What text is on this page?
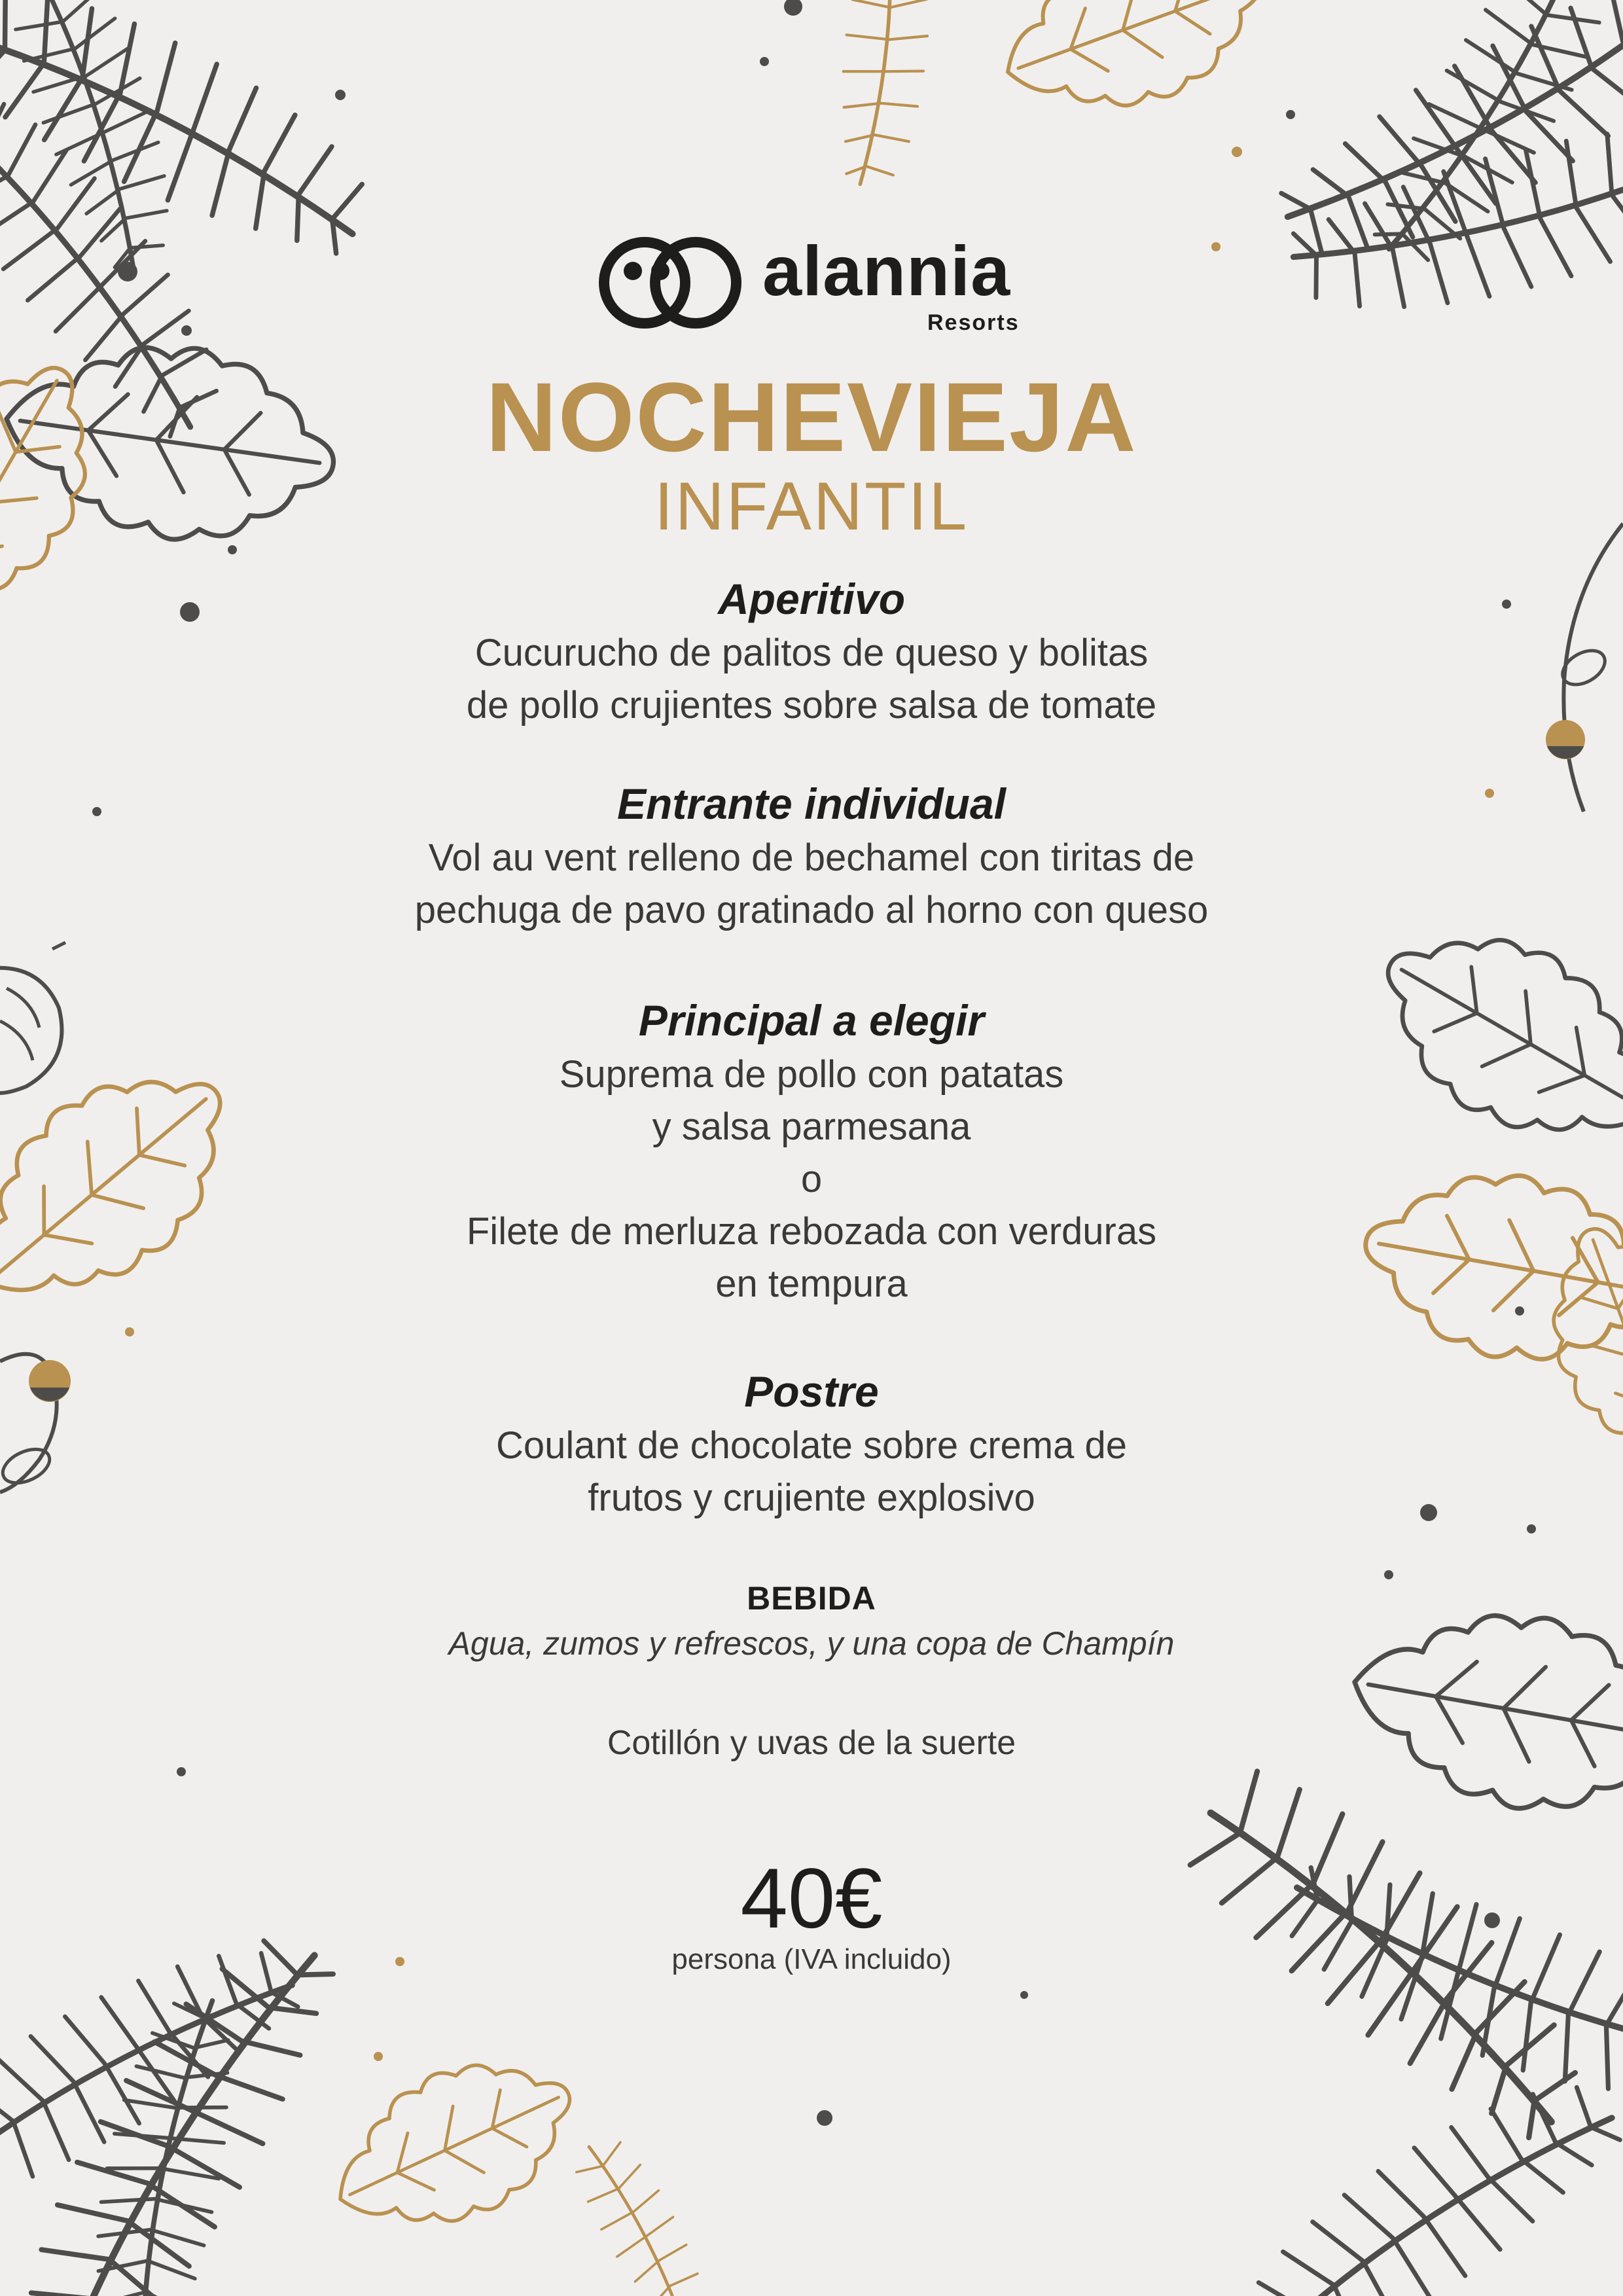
alannia
Resorts
NOCHEVIEJA
INFANTIL
Aperitivo
Cucurucho de palitos de queso y bolitas
de pollo crujientes sobre salsa de tomate
Entrante individual
Vol au vent relleno de bechamel con tiritas de
pechuga de pavo gratinado al horno con queso
Principal a elegir
Suprema de pollo con patatas
y salsa parmesana
o
Filete de merluza rebozada con verduras
en tempura
Postre
Coulant de chocolate sobre crema de
frutos y crujiente explosivo
BEBIDA
Agua, zumos y refrescos, y una copa de Champín
Cotillón y uvas de la suerte
40€
persona (IVA incluido)
